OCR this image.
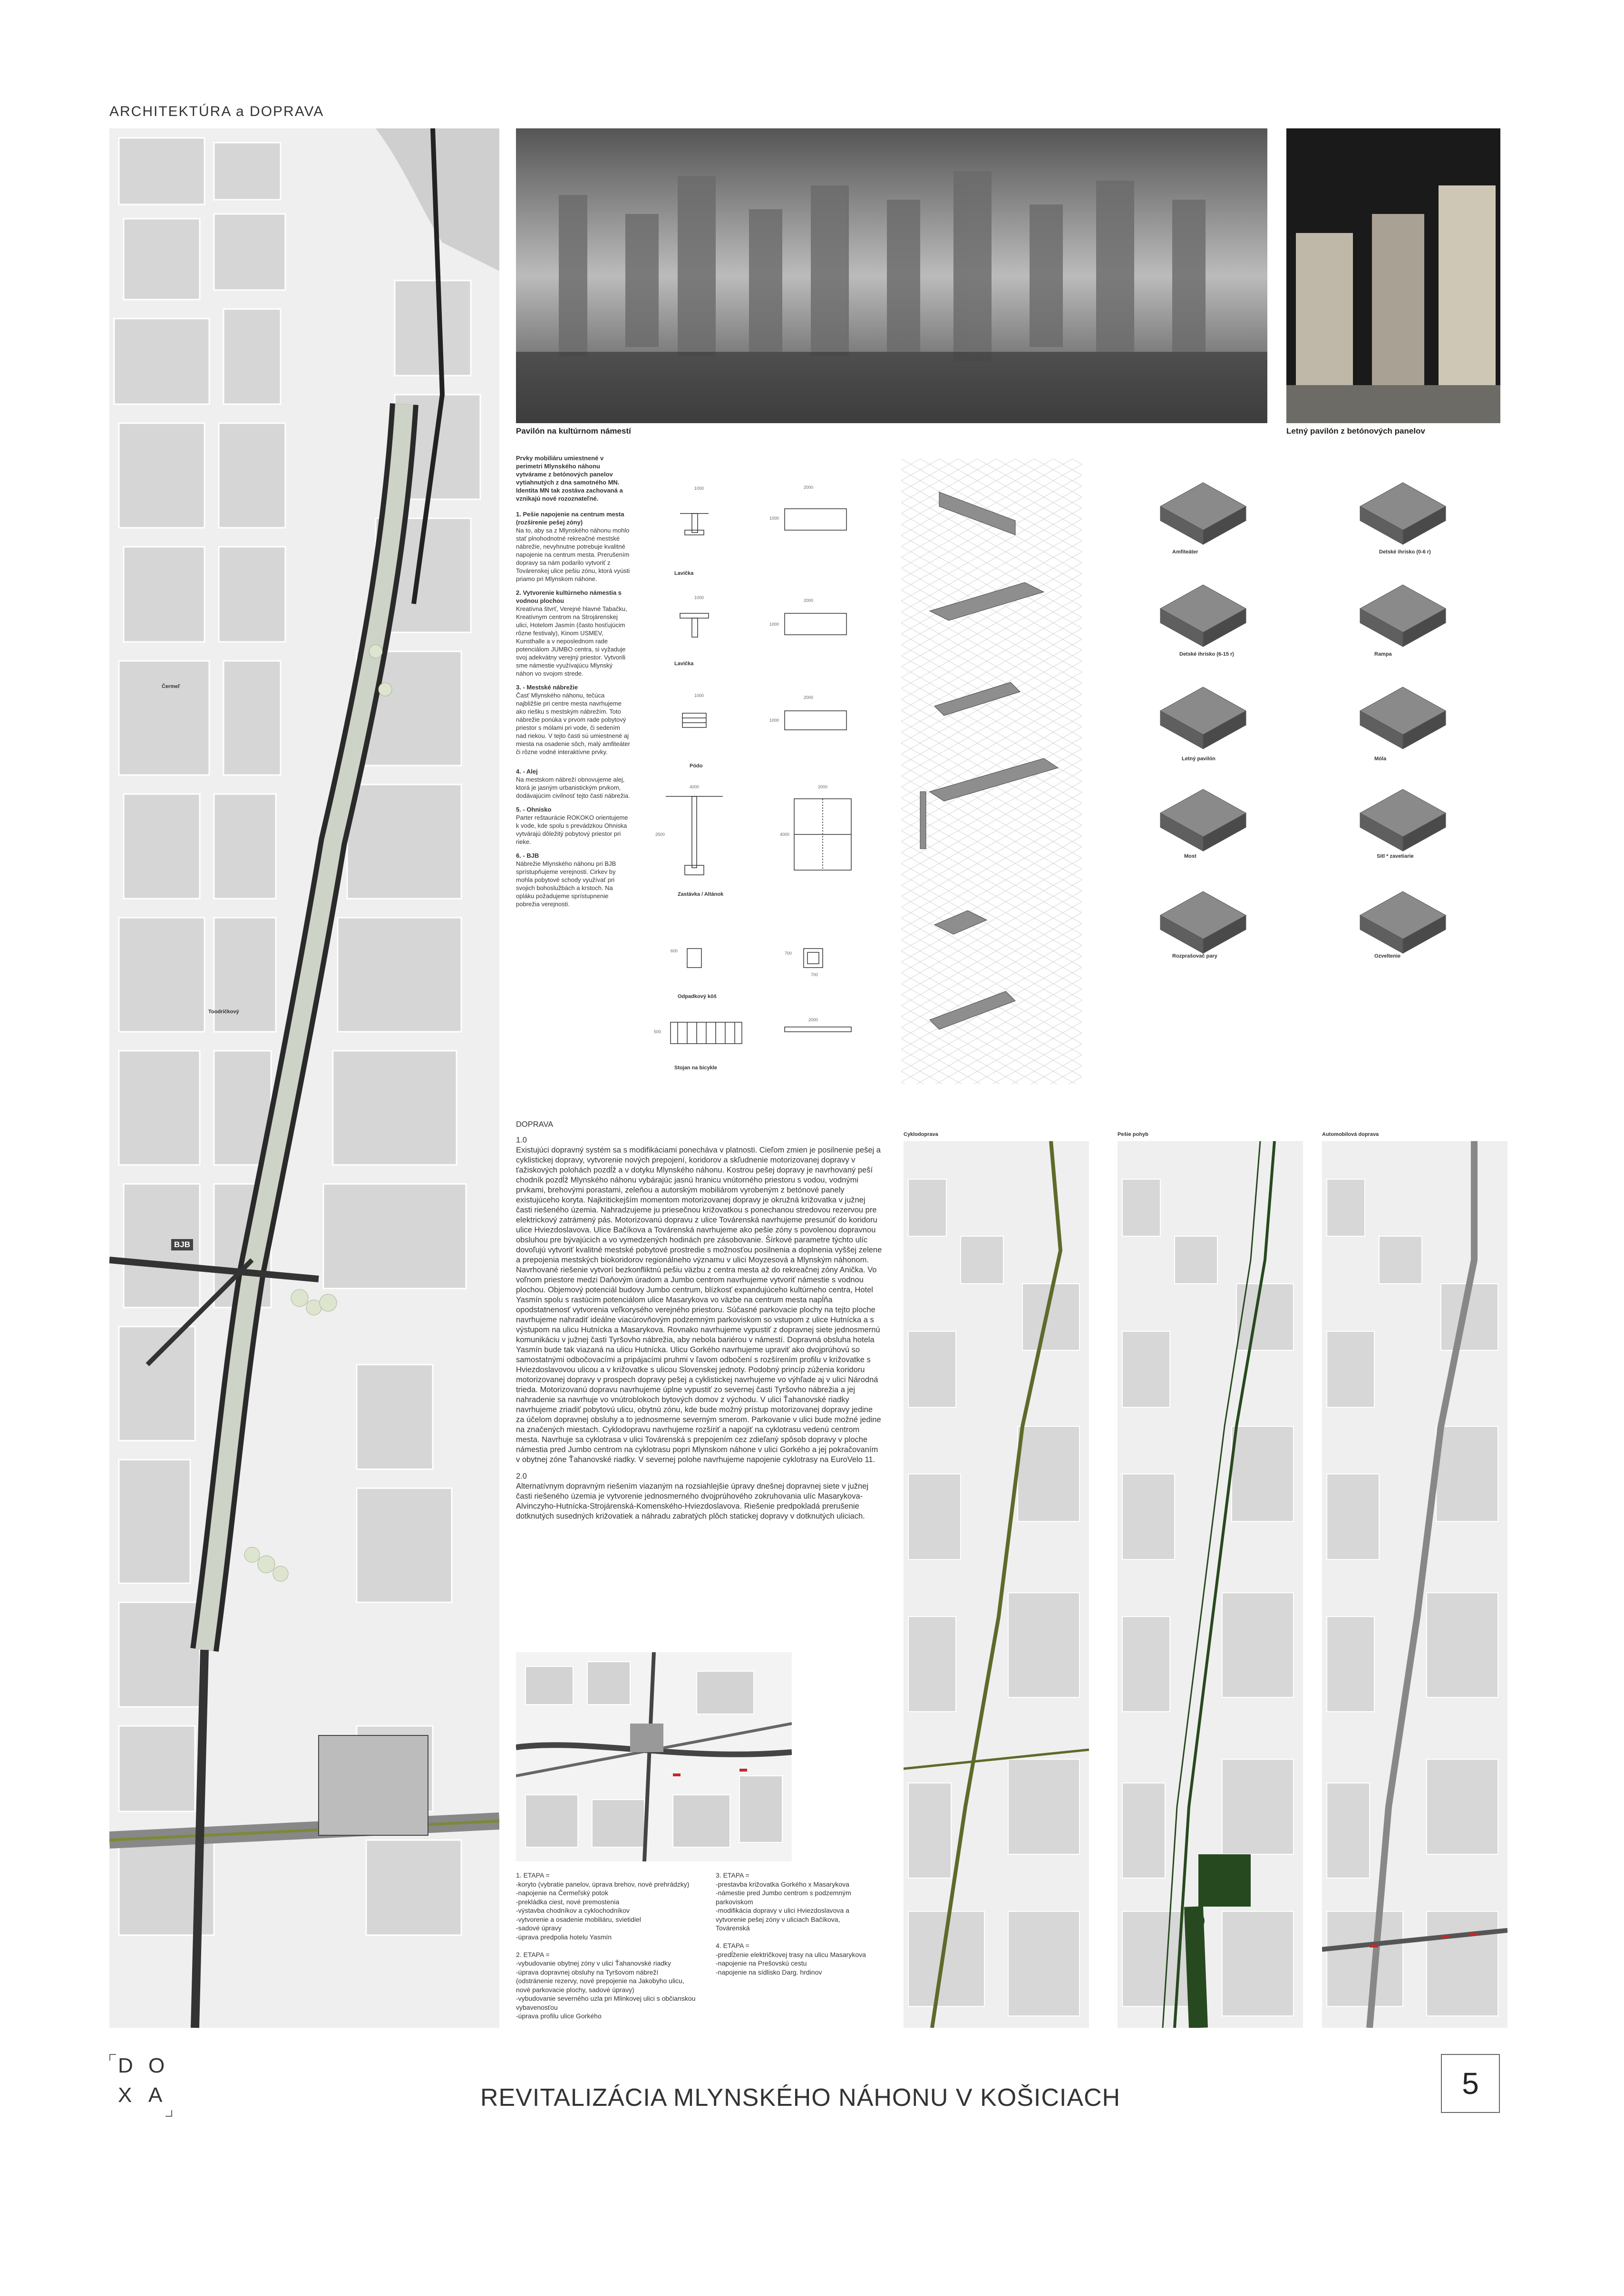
ARCHITEKTÚRA a DOPRAVA
Čermeľ
Toodričkový
BJB
Pavilón na kultúrnom námestí	Letný pavilón z betónových panelov
Prvky mobiliáru umiestnené v perimetri Mlynského náhonu vytvárame z betónových panelov vytiahnutých z dna samotného MN. Identita MN tak zostáva zachovaná a vznikajú nové rozoznateľné.
1. Pešie napojenie na centrum mesta (rozšírenie pešej zóny)
Na to, aby sa z Mlynského náhonu mohlo stať plnohodnotné rekreačné mestské nábrežie, nevyhnutne potrebuje kvalitné napojenie na centrum mesta. Prerušením dopravy sa nám podarilo vytvoriť z Továrenskej ulice pešiu zónu, ktorá vyústi priamo pri Mlynskom náhone.
2. Vytvorenie kultúrneho námestia s vodnou plochou
Kreatívna štvrť, Verejné hlavné Tabačku, Kreatívnym centrom na Strojárenskej ulici, Hotelom Jasmín (často hosťujúcim rôzne festivaly), Kinom USMEV, Kunsthalle a v neposlednom rade potenciálom JUMBO centra, si vyžaduje svoj adekvátny verejný priestor. Vytvorili sme námestie využívajúcu Mlynský náhon vo svojom strede.
3. - Mestské nábrežie
Časť Mlynského náhonu, tečúca najbližšie pri centre mesta navrhujeme ako riešku s mestským nábrežím. Toto nábrežie ponúka v prvom rade pobytový priestor s mólami pri vode, či sedením nad riekou. V tejto časti sú umiestnené aj miesta na osadenie sôch, malý amfiteáter či rôzne vodné interaktívne prvky.
4. - Alej
Na mestskom nábreží obnovujeme alej, ktorá je jasným urbanistickým prvkom, dodávajúcim civilnosť tejto časti nábrežia.
5. - Ohnisko
Parter reštaurácie ROKOKO orientujeme k vode, kde spolu s prevádzkou Ohniska vytvárajú dôležitý pobytový priestor pri rieke.
6. - BJB
Nábrežie Mlynského náhonu pri BJB sprístupňujeme verejnosti. Cirkev by mohla pobytové schody využívať pri svojich bohoslužbách a krstoch. Na opláku požadujeme sprístupnenie pobrežia verejnosti.
1000	2000
1000
Lavička
1000
2000
1000
Lavička
1000	2000
1000
Pódo
4000	2000
4000
2500
Zastávka / Altánok
600	700
700
Odpadkový kôš
500
2000
Stojan na bicykle
Amfiteáter	Detské ihrisko (0-6 r)
Detské ihrisko (6-15 r)	Rampa
Letný pavilón	Móla
Most	Sitl * zavetiarie
Rozprašovač pary	Ozveltenie
DOPRAVA
1.0
Existujúci dopravný systém sa s modifikáciami ponecháva v platnosti. Cieľom zmien je posilnenie pešej a cyklistickej dopravy, vytvorenie nových prepojení, koridorov a skľudnenie motorizovanej dopravy v ťažiskových polohách pozdĺž a v dotyku Mlynského náhonu. Kostrou pešej dopravy je navrhovaný peší chodník pozdĺž Mlynského náhonu vybárajúc jasnú hranicu vnútorného priestoru s vodou, vodnými prvkami, brehovými porastami, zeleňou a autorským mobiliárom vyrobeným z betónové panely existujúceho koryta. Najkritickejším momentom motorizovanej dopravy je okružná križovatka v južnej časti riešeného územia. Nahradzujeme ju priesečnou križovatkou s ponechanou stredovou rezervou pre elektrickový zatrámený pás. Motorizovanú dopravu z ulice Továrenská navrhujeme presunúť do koridoru ulice Hviezdoslavova. Ulice Bačíkova a Továrenská navrhujeme ako pešie zóny s povolenou dopravnou obsluhou pre bývajúcich a vo vymedzených hodinách pre zásobovanie. Šírkové parametre týchto ulíc dovoľujú vytvoriť kvalitné mestské pobytové prostredie s možnosťou posilnenia a doplnenia vyššej zelene a prepojenia mestských biokoridorov regionálneho významu v ulici Moyzesová a Mlynským náhonom. Navrhované riešenie vytvorí bezkonfliktnú pešiu väzbu z centra mesta až do rekreačnej zóny Anička. Vo voľnom priestore medzi Daňovým úradom a Jumbo centrom navrhujeme vytvoriť námestie s vodnou plochou. Objemový potenciál budovy Jumbo centrum, blízkosť expandujúceho kultúrneho centra, Hotel Yasmín spolu s rastúcim potenciálom ulice Masarykova vo väzbe na centrum mesta napĺňa opodstatnenosť vytvorenia veľkorysého verejného priestoru. Súčasné parkovacie plochy na tejto ploche navrhujeme nahradiť ideálne viacúrovňovým podzemným parkoviskom so vstupom z ulice Hutnícka a s výstupom na ulicu Hutnícka a Masarykova. Rovnako navrhujeme vypustiť z dopravnej siete jednosmernú komunikáciu v južnej časti Tyršovho nábrežia, aby nebola bariérou v námestí. Dopravná obsluha hotela Yasmín bude tak viazaná na ulicu Hutnícka. Ulicu Gorkého navrhujeme upraviť ako dvojprúhovú so samostatnými odbočovacími a pripájacími pruhmi v ľavom odbočení s rozšírením profilu v križovatke s Hviezdoslavovou ulicou a v križovatke s ulicou Slovenskej jednoty. Podobný princíp zúženia koridoru motorizovanej dopravy v prospech dopravy pešej a cyklistickej navrhujeme vo výhľade aj v ulici Národná trieda. Motorizovanú dopravu navrhujeme úplne vypustiť zo severnej časti Tyršovho nábrežia a jej nahradenie sa navrhuje vo vnútroblokoch bytových domov z východu. V ulici Ťahanovské riadky navrhujeme zriadiť pobytovú ulicu, obytnú zónu, kde bude možný prístup motorizovanej dopravy jedine za účelom dopravnej obsluhy a to jednosmerne severným smerom. Parkovanie v ulici bude možné jedine na značených miestach. Cyklodopravu navrhujeme rozšíriť a napojiť na cyklotrasu vedenú centrom mesta. Navrhuje sa cyklotrasa v ulici Továrenská s prepojením cez zdieľaný spôsob dopravy v ploche námestia pred Jumbo centrom na cyklotrasu popri Mlynskom náhone v ulici Gorkého a jej pokračovaním v obytnej zóne Ťahanovské riadky. V severnej polohe navrhujeme napojenie cyklotrasy na EuroVelo 11.
2.0
Alternatívnym dopravným riešením viazaným na rozsiahlejšie úpravy dnešnej dopravnej siete v južnej časti riešeného územia je vytvorenie jednosmerného dvojprúhového zokruhovania ulíc Masarykova-Alvinczyho-Hutnícka-Strojárenská-Komenského-Hviezdoslavova. Riešenie predpokladá prerušenie dotknutých susedných križovatiek a náhradu zabratých plôch statickej dopravy v dotknutých uliciach.
1. ETAPA =
-koryto (vybratie panelov, úprava brehov, nové prehrádzky)
-napojenie na Čermeľský potok
-prekládka ciest, nové premostenia
-výstavba chodníkov a cyklochodníkov
-vytvorenie a osadenie mobiliáru, svietidiel
-sadové úpravy
-úprava predpolia hotelu Yasmín

2. ETAPA =
-vybudovanie obytnej zóny v ulici Ťahanovské riadky
-úprava dopravnej obsluhy na Tyršovom nábreží (odstránenie rezervy, nové prepojenie na Jakobyho ulicu, nové parkovacie plochy, sadové úpravy)
-vybudovanie severného uzla pri Mlinkovej ulici s občianskou vybavenosťou
-úprava profilu ulice Gorkého
3. ETAPA =
-prestavba križovatka Gorkého x Masarykova
-námestie pred Jumbo centrom s podzemným parkoviskom
-modifikácia dopravy v ulici Hviezdoslavova a vytvorenie pešej zóny v uliciach Bačíkova, Továrenská

4. ETAPA =
-predĺženie električkovej trasy na ulicu Masarykova
-napojenie na Prešovskú cestu
-napojenie na sídlisko Darg. hrdinov
Cyklodoprava	Pešie pohyb	Automobilová doprava
D O
X A	REVITALIZÁCIA MLYNSKÉHO NÁHONU V KOŠICIACH	5
